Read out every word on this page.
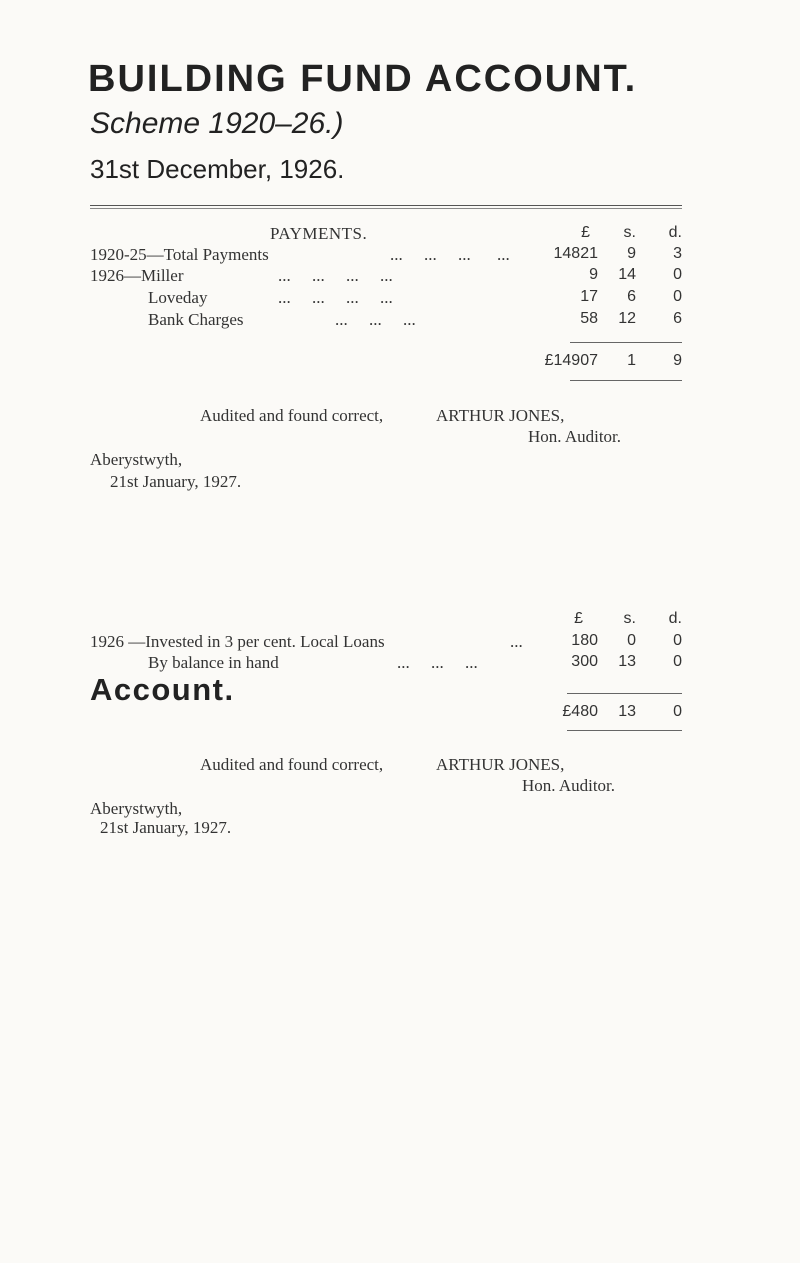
BUILDING FUND ACCOUNT.
Scheme 1920–26.)
31st December, 1926.
PAYMENTS.	£ s.	d.
1920-25—Total Payments	...     ...     ... ...	14821	9	3
1926—Miller	...     ...     ...     ...	9	14	0
Loveday	...     ...     ...     ...	17	6	0
Bank Charges	...     ...     ...	58	12	6
£14907	1	9
Audited and found correct,	ARTHUR JONES,
Hon. Auditor.
Aberystwyth,
21st January, 1927.
Account.
£	s.	d.
1926 —Invested in 3 per cent. Local Loans	...	180	0	0
By balance in hand	...     ...     ...	300	13	0
£480	13	0
Audited and found correct,	ARTHUR JONES,
Hon. Auditor.
Aberystwyth,
21st January, 1927.
